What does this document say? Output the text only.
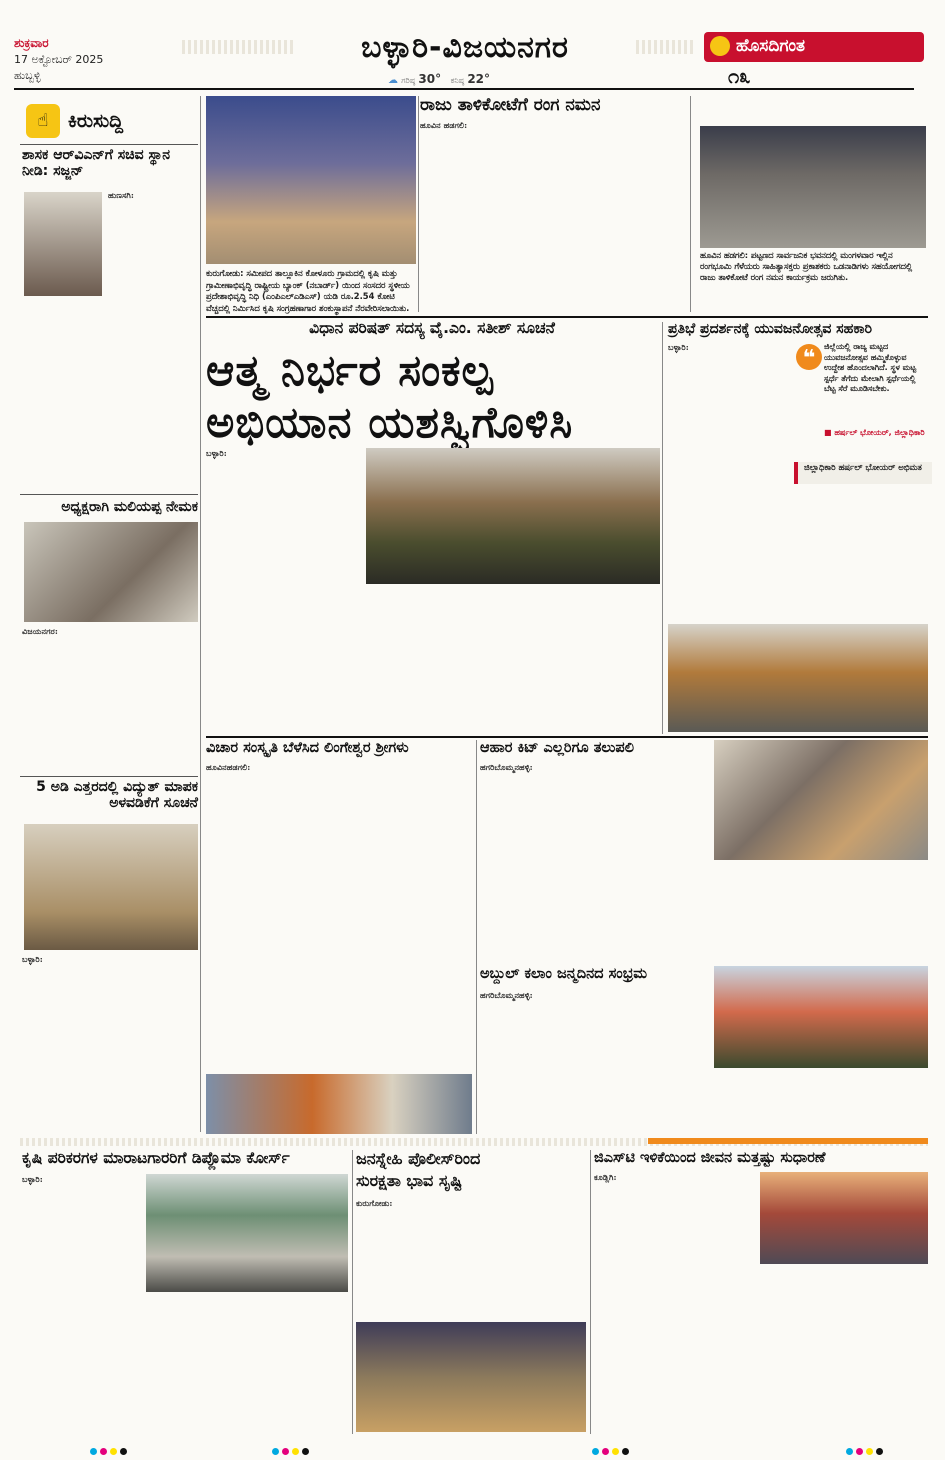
ಶುಕ್ರವಾರ
17 ಅಕ್ಟೋಬರ್ 2025
ಹುಬ್ಬಳ್ಳಿ
ಬಳ್ಳಾರಿ-ವಿಜಯನಗರ
☁ ಗರಿಷ್ಠ 30° ಕನಿಷ್ಠ 22°
ಹೊಸದಿಗಂತ
೧೩
☝	ಕಿರುಸುದ್ದಿ
ಶಾಸಕ ಆರ್‌ವಿಎನ್‌ಗೆ ಸಚಿವ ಸ್ಥಾನ ನೀಡಿ: ಸಜ್ಜನ್
ಹುಣಸಗಿ:
ಅಧ್ಯಕ್ಷರಾಗಿ ಮಲಿಯಪ್ಪ ನೇಮಕ
ವಿಜಯನಗರ:
5 ಅಡಿ ಎತ್ತರದಲ್ಲಿ ವಿದ್ಯುತ್ ಮಾಪಕ ಅಳವಡಿಕೆಗೆ ಸೂಚನೆ
ಬಳ್ಳಾರಿ:
ಕುರುಗೋಡು: ಸಮೀಪದ ತಾಲ್ಲೂಕಿನ ಕೋಳೂರು ಗ್ರಾಮದಲ್ಲಿ ಕೃಷಿ ಮತ್ತು ಗ್ರಾಮೀಣಾಭಿವೃದ್ಧಿ ರಾಷ್ಟ್ರೀಯ ಬ್ಯಾಂಕ್ (ನಬಾರ್ಡ್) ಯಿಂದ ಸಂಸದರ ಸ್ಥಳೀಯ ಪ್ರದೇಶಾಭಿವೃದ್ಧಿ ನಿಧಿ (ಎಂಪಿಎಲ್‌ಎಡಿಎಸ್) ಯಡಿ ರೂ.2.54 ಕೋಟಿ ವೆಚ್ಚದಲ್ಲಿ ನಿರ್ಮಿಸಿದ ಕೃಷಿ ಸಂಗ್ರಹಣಾಗಾರ ಶಂಕುಸ್ಥಾಪನೆ ನೆರವೇರಿಸಲಾಯಿತು.
ರಾಜು ತಾಳಿಕೋಟೆಗೆ ರಂಗ ನಮನ
ಹೂವಿನ ಹಡಗಲಿ:
ಹೂವಿನ ಹಡಗಲಿ: ಪಟ್ಟಣದ ಸಾರ್ವಜನಿಕ ಭವನದಲ್ಲಿ ಮಂಗಳವಾರ ಇಲ್ಲಿನ ರಂಗಭೂಮಿ ಗೆಳೆಯರು ಸಾಹಿತ್ಯಾಸಕ್ತರು ಪ್ರಕಾಶಕರು ಒಡನಾಡಿಗಳು ಸಹಯೋಗದಲ್ಲಿ ರಾಜು ತಾಳಿಕೋಟೆ ರಂಗ ನಮನ ಕಾರ್ಯಕ್ರಮ ಜರುಗಿತು.
ವಿಧಾನ ಪರಿಷತ್ ಸದಸ್ಯ ವೈ.ಎಂ. ಸತೀಶ್ ಸೂಚನೆ
ಆತ್ಮ ನಿರ್ಭರ ಸಂಕಲ್ಪ
ಅಭಿಯಾನ ಯಶಸ್ವಿಗೊಳಿಸಿ
ಬಳ್ಳಾರಿ:
ಪ್ರತಿಭೆ ಪ್ರದರ್ಶನಕ್ಕೆ ಯುವಜನೋತ್ಸವ ಸಹಕಾರಿ
ಬಳ್ಳಾರಿ:	❝	ಜಿಲ್ಲೆಯಲ್ಲಿ ರಾಜ್ಯ ಮಟ್ಟದ ಯುವಜನೋತ್ಸವ ಹಮ್ಮಿಕೊಳ್ಳುವ ಉದ್ದೇಶ ಹೊಂದಲಾಗಿದೆ. ಸ್ಥಳ ಮಟ್ಟ ಸ್ಪರ್ಧೆ ತೆಗೆದು ಮೇಲಾಗಿ ಸ್ಪರ್ಧೆಯಲ್ಲಿ ಬೆಟ್ಟ ಸೆರೆ ಮೂಡಿಸಬೇಕು.
■ ಹರ್ಷಲ್ ಭೋಯರ್, ಜಿಲ್ಲಾಧಿಕಾರಿ
ಜಿಲ್ಲಾಧಿಕಾರಿ ಹರ್ಷಲ್ ಭೋಯರ್ ಅಭಿಮತ
ವಿಚಾರ ಸಂಸ್ಕೃತಿ ಬೆಳೆಸಿದ ಲಿಂಗೇಶ್ವರ ಶ್ರೀಗಳು
ಹೂವಿನಹಡಗಲಿ:
ಆಹಾರ ಕಿಟ್ ಎಲ್ಲರಿಗೂ ತಲುಪಲಿ
ಹಗರಿಬೊಮ್ಮನಹಳ್ಳಿ:
ಅಬ್ದುಲ್ ಕಲಾಂ ಜನ್ಮದಿನದ ಸಂಭ್ರಮ
ಹಗರಿಬೊಮ್ಮನಹಳ್ಳಿ:
ಕೃಷಿ ಪರಿಕರಗಳ ಮಾರಾಟಗಾರರಿಗೆ ಡಿಪ್ಲೊಮಾ ಕೋರ್ಸ್
ಬಳ್ಳಾರಿ:
ಜನಸ್ನೇಹಿ ಪೊಲೀಸ್‌ರಿಂದ
ಸುರಕ್ಷತಾ ಭಾವ ಸೃಷ್ಟಿ
ಕುರುಗೋಡು:
ಜಿಎಸ್‌ಟಿ ಇಳಿಕೆಯಿಂದ ಜೀವನ ಮತ್ತಷ್ಟು ಸುಧಾರಣೆ
ಕೂಡ್ಲಿಗಿ:
